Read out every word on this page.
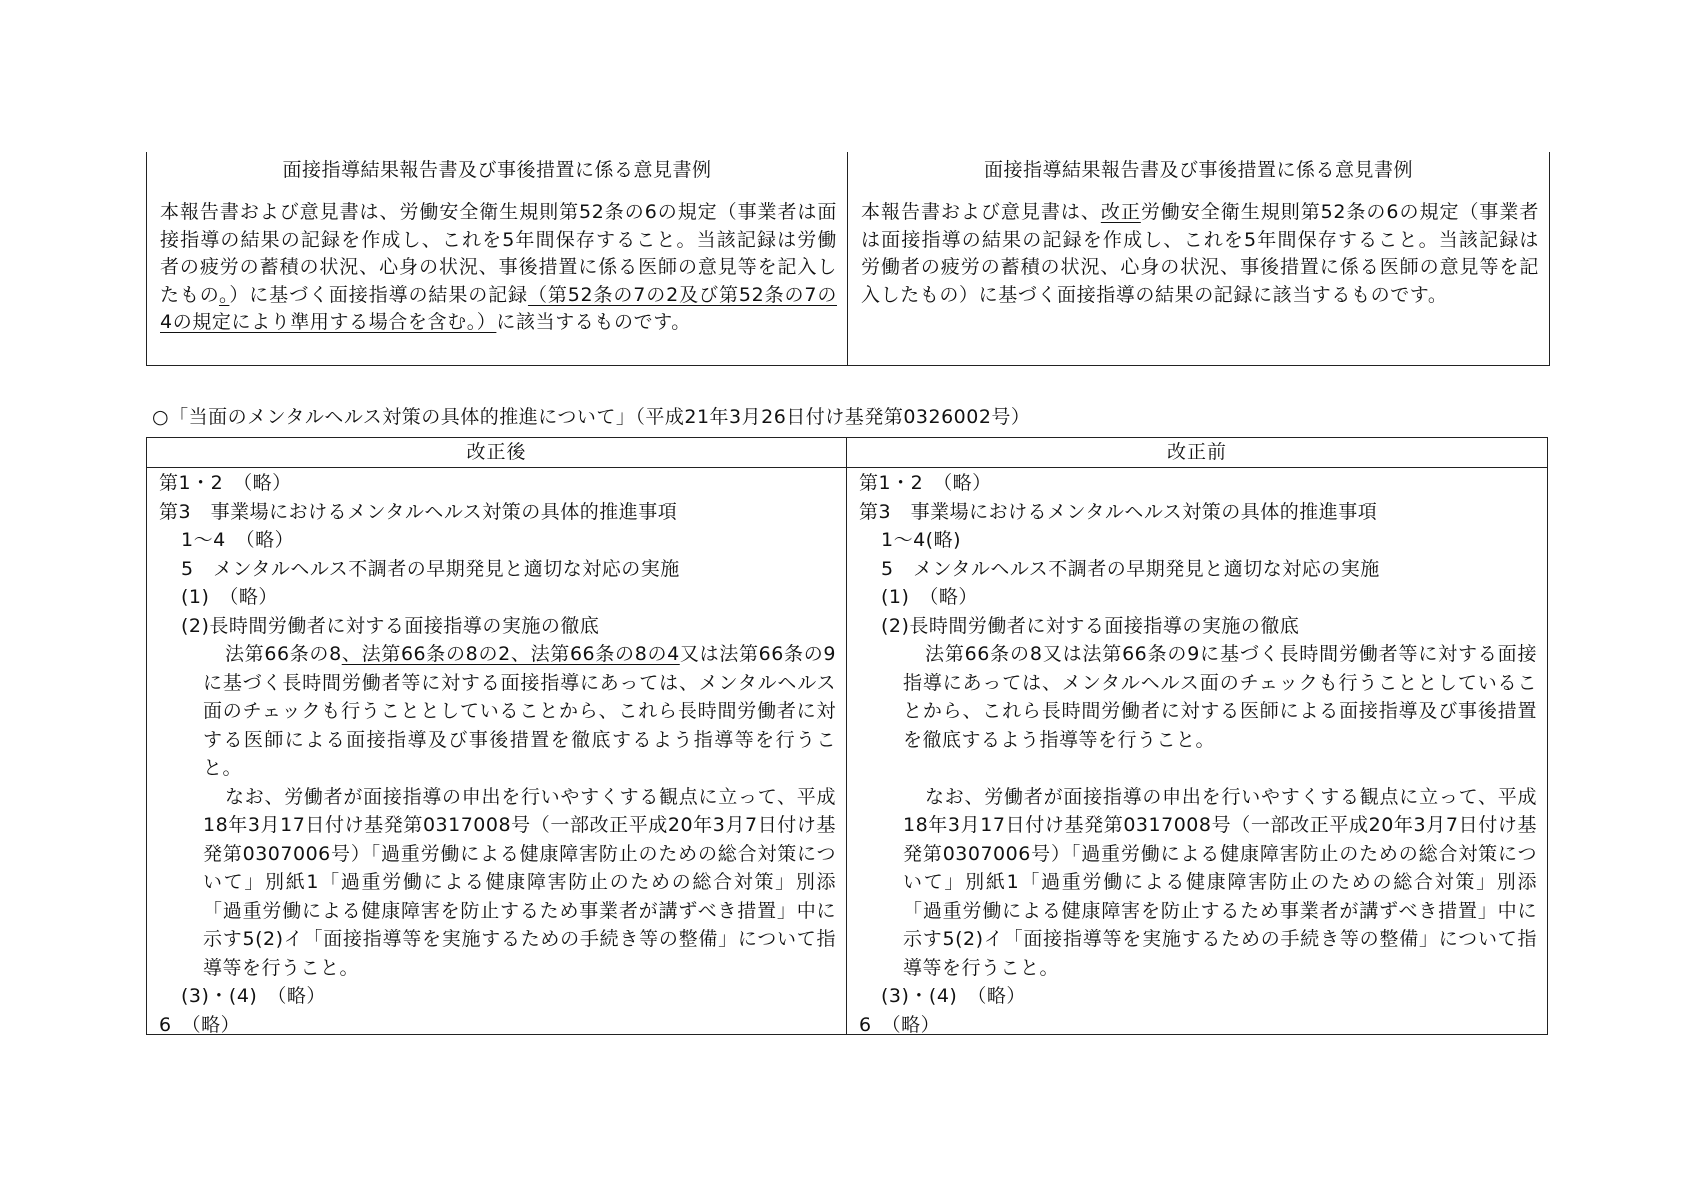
面接指導結果報告書及び事後措置に係る意見書例
本報告書および意見書は、労働安全衛生規則第52条の6の規定（事業者は面接指導の結果の記録を作成し、これを5年間保存すること。当該記録は労働者の疲労の蓄積の状況、心身の状況、事後措置に係る医師の意見等を記入したもの。）に基づく面接指導の結果の記録（第52条の7の2及び第52条の7の4の規定により準用する場合を含む。）に該当するものです。
面接指導結果報告書及び事後措置に係る意見書例
本報告書および意見書は、改正労働安全衛生規則第52条の6の規定（事業者は面接指導の結果の記録を作成し、これを5年間保存すること。当該記録は労働者の疲労の蓄積の状況、心身の状況、事後措置に係る医師の意見等を記入したもの）に基づく面接指導の結果の記録に該当するものです。
○「当面のメンタルヘルス対策の具体的推進について」（平成21年3月26日付け基発第0326002号）
改正後	改正前
第1・2　（略）
第3　事業場におけるメンタルヘルス対策の具体的推進事項
1～4　（略）
5　メンタルヘルス不調者の早期発見と適切な対応の実施
(1)　（略）
(2)長時間労働者に対する面接指導の実施の徹底
法第66条の8、法第66条の8の2、法第66条の8の4又は法第66条の9に基づく長時間労働者等に対する面接指導にあっては、メンタルヘルス面のチェックも行うこととしていることから、これら長時間労働者に対する医師による面接指導及び事後措置を徹底するよう指導等を行うこと。
なお、労働者が面接指導の申出を行いやすくする観点に立って、平成18年3月17日付け基発第0317008号（一部改正平成20年3月7日付け基発第0307006号）「過重労働による健康障害防止のための総合対策について」別紙1「過重労働による健康障害防止のための総合対策」別添「過重労働による健康障害を防止するため事業者が講ずべき措置」中に示す5(2)イ「面接指導等を実施するための手続き等の整備」について指導等を行うこと。
(3)・(4)　（略）
6　（略）
第1・2　（略）
第3　事業場におけるメンタルヘルス対策の具体的推進事項
1～4(略)
5　メンタルヘルス不調者の早期発見と適切な対応の実施
(1)　（略）
(2)長時間労働者に対する面接指導の実施の徹底
法第66条の8又は法第66条の9に基づく長時間労働者等に対する面接指導にあっては、メンタルヘルス面のチェックも行うこととしていることから、これら長時間労働者に対する医師による面接指導及び事後措置を徹底するよう指導等を行うこと。
なお、労働者が面接指導の申出を行いやすくする観点に立って、平成18年3月17日付け基発第0317008号（一部改正平成20年3月7日付け基発第0307006号）「過重労働による健康障害防止のための総合対策について」別紙1「過重労働による健康障害防止のための総合対策」別添「過重労働による健康障害を防止するため事業者が講ずべき措置」中に示す5(2)イ「面接指導等を実施するための手続き等の整備」について指導等を行うこと。
(3)・(4)　（略）
6　（略）
